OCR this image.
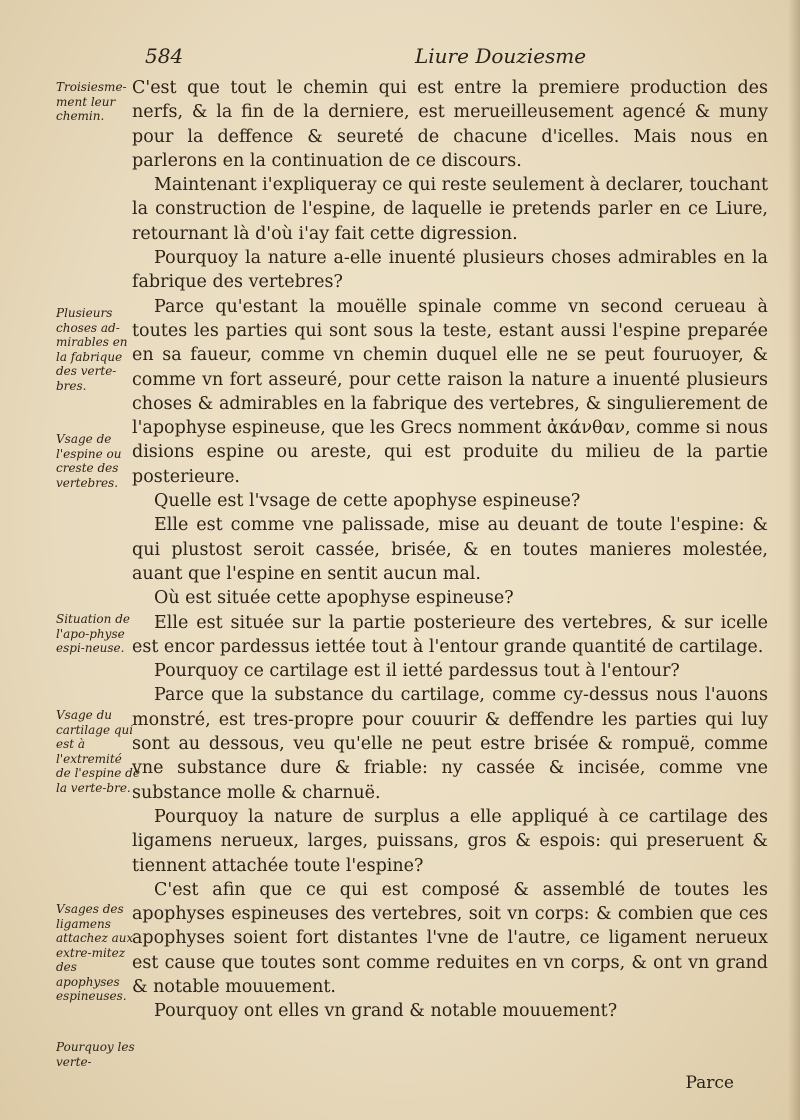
584	Liure Douziesme
Troisiesme-ment leur chemin.
Plusieurs choses ad-mirables en la fabrique des verte-bres.
Vsage de l'espine ou creste des vertebres.
Situation de l'apo-physe espi-neuse.
Vsage du cartilage qui est à l'extremité de l'espine de la verte-bre.
Vsages des ligamens attachez aux extre-mitez des apophyses espineuses.
Pourquoy les verte-

C'est que tout le chemin qui est entre la premiere production des nerfs, & la fin de la derniere, est merueilleusement agencé & muny pour la deffence & seureté de chacune d'icelles. Mais nous en parlerons en la continuation de ce discours.

Maintenant i'expliqueray ce qui reste seulement à declarer, touchant la construction de l'espine, de laquelle ie pretends parler en ce Liure, retournant là d'où i'ay fait cette digression.

Pourquoy la nature a-elle inuenté plusieurs choses admirables en la fabrique des vertebres?

Parce qu'estant la mouëlle spinale comme vn second cerueau à toutes les parties qui sont sous la teste, estant aussi l'espine preparée en sa faueur, comme vn chemin duquel elle ne se peut fouruoyer, & comme vn fort asseuré, pour cette raison la nature a inuenté plusieurs choses & admirables en la fabrique des vertebres, & singulierement de l'apophyse espineuse, que les Grecs nomment ἀκάνθαν, comme si nous disions espine ou areste, qui est produite du milieu de la partie posterieure.

Quelle est l'vsage de cette apophyse espineuse?

Elle est comme vne palissade, mise au deuant de toute l'espine: & qui plustost seroit cassée, brisée, & en toutes manieres molestée, auant que l'espine en sentit aucun mal.

Où est située cette apophyse espineuse?

Elle est située sur la partie posterieure des vertebres, & sur icelle est encor pardessus iettée tout à l'entour grande quantité de cartilage.

Pourquoy ce cartilage est il ietté pardessus tout à l'entour?

Parce que la substance du cartilage, comme cy-dessus nous l'auons monstré, est tres-propre pour couurir & deffendre les parties qui luy sont au dessous, veu qu'elle ne peut estre brisée & rompuë, comme vne substance dure & friable: ny cassée & incisée, comme vne substance molle & charnuë.

Pourquoy la nature de surplus a elle appliqué à ce cartilage des ligamens nerueux, larges, puissans, gros & espois: qui preseruent & tiennent attachée toute l'espine?

C'est afin que ce qui est composé & assemblé de toutes les apophyses espineuses des vertebres, soit vn corps: & combien que ces apophyses soient fort distantes l'vne de l'autre, ce ligament nerueux est cause que toutes sont comme reduites en vn corps, & ont vn grand & notable mouuement.

Pourquoy ont elles vn grand & notable mouuement?

Parce
